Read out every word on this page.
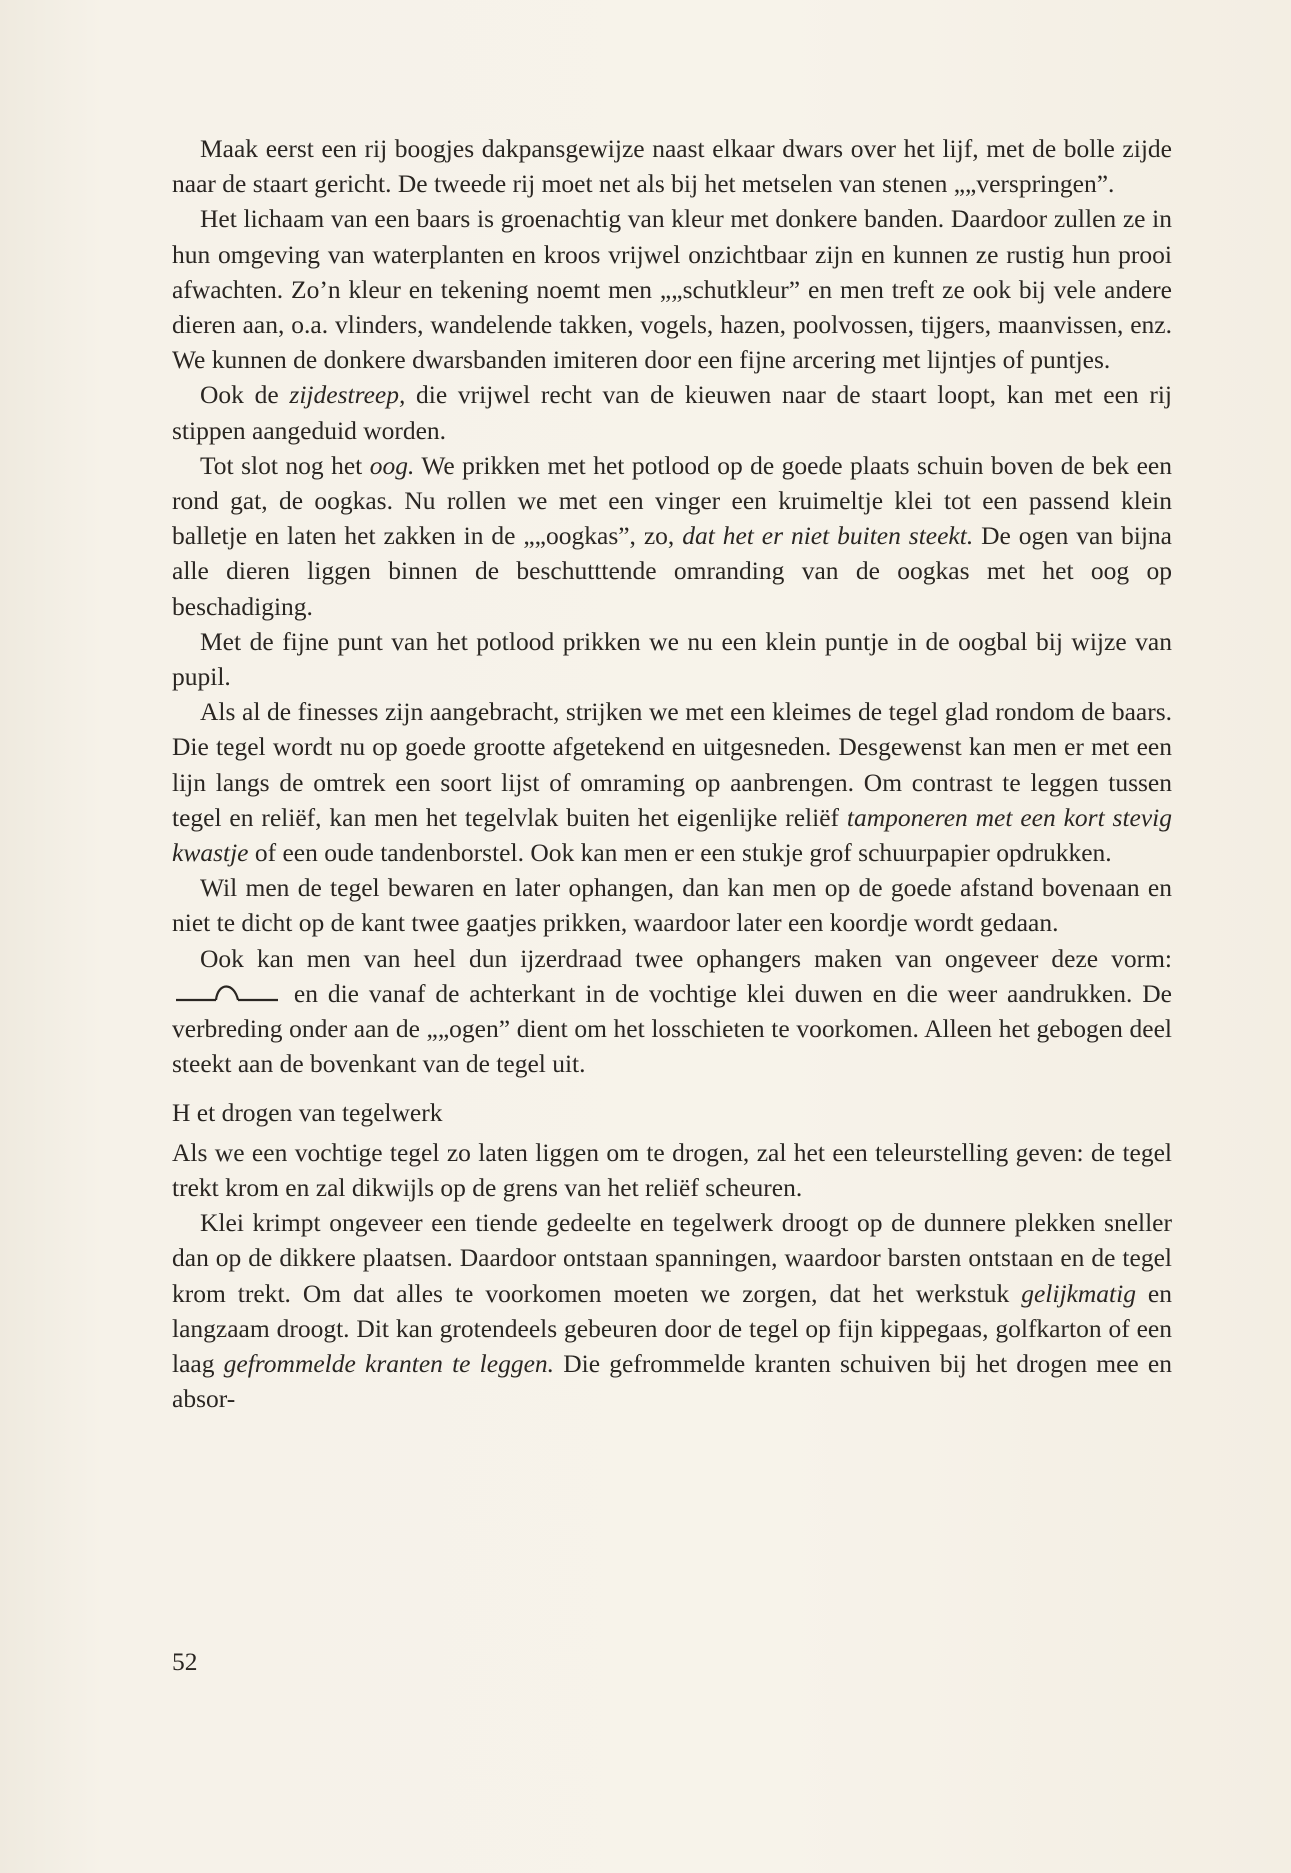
Maak eerst een rij boogjes dakpansgewijze naast elkaar dwars over het lijf, met de bolle zijde naar de staart gericht. De tweede rij moet net als bij het metselen van stenen „„verspringen”.

Het lichaam van een baars is groenachtig van kleur met donkere banden. Daardoor zullen ze in hun omgeving van waterplanten en kroos vrijwel onzichtbaar zijn en kunnen ze rustig hun prooi afwachten. Zo’n kleur en tekening noemt men „„schutkleur” en men treft ze ook bij vele andere dieren aan, o.a. vlinders, wandelende takken, vogels, hazen, poolvossen, tijgers, maanvissen, enz. We kunnen de donkere dwarsbanden imiteren door een fijne arcering met lijntjes of puntjes.

Ook de zijdestreep, die vrijwel recht van de kieuwen naar de staart loopt, kan met een rij stippen aangeduid worden.

Tot slot nog het oog. We prikken met het potlood op de goede plaats schuin boven de bek een rond gat, de oogkas. Nu rollen we met een vinger een kruimeltje klei tot een passend klein balletje en laten het zakken in de „„oogkas”, zo, dat het er niet buiten steekt. De ogen van bijna alle dieren liggen binnen de beschutttende omranding van de oogkas met het oog op beschadiging.

Met de fijne punt van het potlood prikken we nu een klein puntje in de oogbal bij wijze van pupil.

Als al de finesses zijn aangebracht, strijken we met een kleimes de tegel glad rondom de baars. Die tegel wordt nu op goede grootte afgetekend en uitgesneden. Desgewenst kan men er met een lijn langs de omtrek een soort lijst of omraming op aanbrengen. Om contrast te leggen tussen tegel en reliëf, kan men het tegelvlak buiten het eigenlijke reliëf tamponeren met een kort stevig kwastje of een oude tandenborstel. Ook kan men er een stukje grof schuurpapier opdrukken.

Wil men de tegel bewaren en later ophangen, dan kan men op de goede afstand bovenaan en niet te dicht op de kant twee gaatjes prikken, waardoor later een koordje wordt gedaan.

Ook kan men van heel dun ijzerdraad twee ophangers maken van ongeveer deze vorm: en die vanaf de achterkant in de vochtige klei duwen en die weer aandrukken. De verbreding onder aan de „„ogen” dient om het losschieten te voorkomen. Alleen het gebogen deel steekt aan de bovenkant van de tegel uit.

H et drogen van tegelwerk

Als we een vochtige tegel zo laten liggen om te drogen, zal het een teleurstelling geven: de tegel trekt krom en zal dikwijls op de grens van het reliëf scheuren.

Klei krimpt ongeveer een tiende gedeelte en tegelwerk droogt op de dunnere plekken sneller dan op de dikkere plaatsen. Daardoor ontstaan spanningen, waardoor barsten ontstaan en de tegel krom trekt. Om dat alles te voorkomen moeten we zorgen, dat het werkstuk gelijkmatig en langzaam droogt. Dit kan grotendeels gebeuren door de tegel op fijn kippegaas, golfkarton of een laag gefrommelde kranten te leggen. Die gefrommelde kranten schuiven bij het drogen mee en absor-

52
